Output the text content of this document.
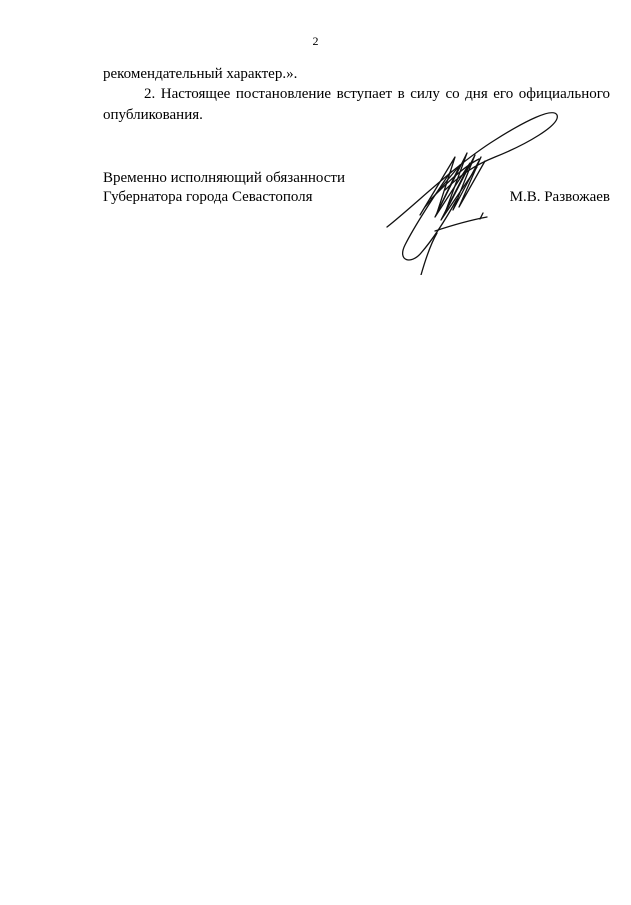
2

рекомендательный характер.».

2. Настоящее постановление вступает в силу со дня его официального опубликования.

Временно исполняющий обязанности
Губернатора города Севастополя	М.В. Развожаев
